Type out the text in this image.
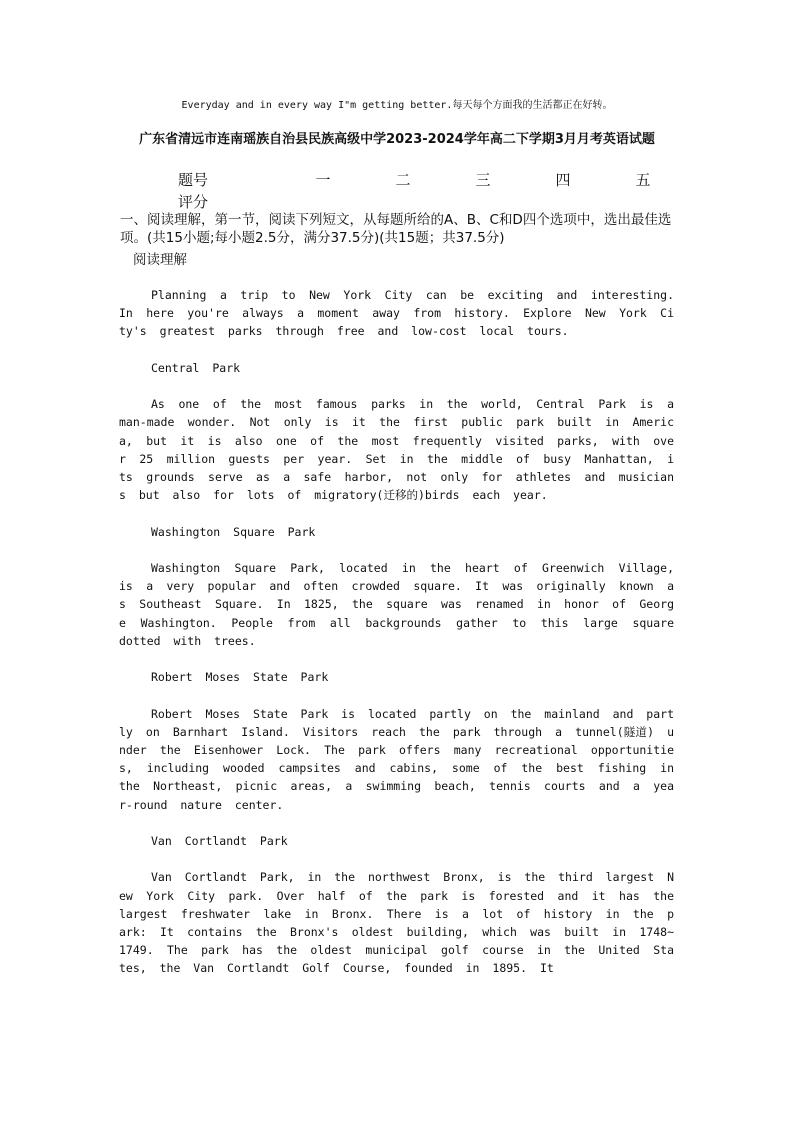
Everyday and in every way I"m getting better.每天每个方面我的生活都正在好转。
广东省清远市连南瑶族自治县民族高级中学2023-2024学年高二下学期3月月考英语试题
题号	一	二	三	四	五
评分					
一、阅读理解，第一节，阅读下列短文，从每题所给的A、B、C和D四个选项中，选出最佳选项。(共15小题;每小题2.5分，满分37.5分)(共15题；共37.5分)
阅读理解

Planning a trip to New York City can be exciting and interesting. In here you're always a moment away from history. Explore New York City's greatest parks through free and low-cost local tours.

Central Park

As one of the most famous parks in the world, Central Park is a man-made wonder. Not only is it the first public park built in America, but it is also one of the most frequently visited parks, with over 25 million guests per year. Set in the middle of busy Manhattan, its grounds serve as a safe harbor, not only for athletes and musicians but also for lots of migratory(迁移的)birds each year.

Washington Square Park

Washington Square Park, located in the heart of Greenwich Village, is a very popular and often crowded square. It was originally known as Southeast Square. In 1825, the square was renamed in honor of George Washington. People from all backgrounds gather to this large square dotted with trees.

Robert Moses State Park

Robert Moses State Park is located partly on the mainland and partly on Barnhart Island. Visitors reach the park through a tunnel(隧道) under the Eisenhower Lock. The park offers many recreational opportunities, including wooded campsites and cabins, some of the best fishing in the Northeast, picnic areas, a swimming beach, tennis courts and a year-round nature center.

Van Cortlandt Park

Van Cortlandt Park, in the northwest Bronx, is the third largest New York City park. Over half of the park is forested and it has the largest freshwater lake in Bronx. There is a lot of history in the park: It contains the Bronx's oldest building, which was built in 1748~1749. The park has the oldest municipal golf course in the United States, the Van Cortlandt Golf Course, founded in 1895. It
